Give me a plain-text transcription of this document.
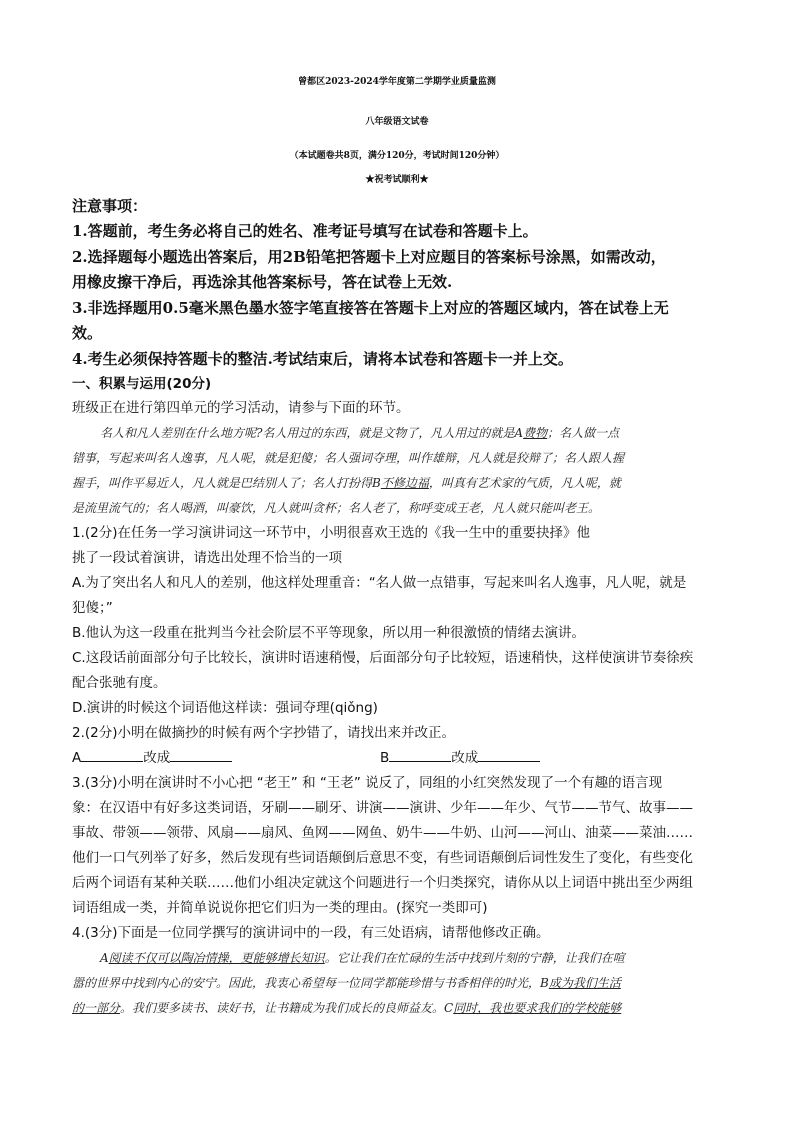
曾都区2023-2024学年度第二学期学业质量监测
八年级语文试卷
（本试题卷共8页，满分120分，考试时间120分钟）
★祝考试顺利★
注意事项：
1.答题前，考生务必将自己的姓名、准考证号填写在试卷和答题卡上。
2.选择题每小题选出答案后，用2B铅笔把答题卡上对应题目的答案标号涂黑，如需改动，
用橡皮擦干净后，再选涂其他答案标号，答在试卷上无效.
3.非选择题用0.5毫米黑色墨水签字笔直接答在答题卡上对应的答题区域内，答在试卷上无
效。
4.考生必须保持答题卡的整洁.考试结束后，请将本试卷和答题卡一并上交。
一、积累与运用(20分)
班级正在进行第四单元的学习活动，请参与下面的环节。
名人和凡人差别在什么地方呢?名人用过的东西，就是文物了，凡人用过的就是A费物；名人做一点
错事，写起来叫名人逸事，凡人呢，就是犯傻；名人强词夺理，叫作雄辩，凡人就是狡辩了；名人跟人握
握手，叫作平易近人，凡人就是巴结别人了；名人打扮得B不修边福，叫真有艺术家的气质，凡人呢，就
是流里流气的；名人喝酒，叫豪饮，凡人就叫贪杯；名人老了，称呼变成王老，凡人就只能叫老王。
1.(2分)在任务一学习演讲词这一环节中，小明很喜欢王选的《我一生中的重要抉择》他
挑了一段试着演讲，请选出处理不恰当的一项
A.为了突出名人和凡人的差别，他这样处理重音：“名人做一点错事，写起来叫名人逸事，凡人呢，就是
犯傻；”
B.他认为这一段重在批判当今社会阶层不平等现象，所以用一种很激愤的情绪去演讲。
C.这段话前面部分句子比较长，演讲时语速稍慢，后面部分句子比较短，语速稍快，这样使演讲节奏徐疾
配合张驰有度。
D.演讲的时候这个词语他这样读：强词夺理(qiǒng)
2.(2分)小明在做摘抄的时候有两个字抄错了，请找出来并改正。
A	改成	B	改成
3.(3分)小明在演讲时不小心把 “老王” 和 “王老” 说反了，同组的小红突然发现了一个有趣的语言现
象：在汉语中有好多这类词语，牙刷——刷牙、讲演——演讲、少年——年少、气节——节气、故事——
事故、带领——领带、风扇——扇风、鱼网——网鱼、奶牛——牛奶、山河——河山、油菜——菜油……
他们一口气列举了好多，然后发现有些词语颠倒后意思不变，有些词语颠倒后词性发生了变化，有些变化
后两个词语有某种关联……他们小组决定就这个问题进行一个归类探究，请你从以上词语中挑出至少两组
词语组成一类，并简单说说你把它们归为一类的理由。(探究一类即可)
4.(3分)下面是一位同学撰写的演讲词中的一段，有三处语病，请帮他修改正确。
A阅读不仅可以陶冶情操，更能够增长知识。它让我们在忙碌的生活中找到片刻的宁静，让我们在喧
嚣的世界中找到内心的安宁。因此，我衷心希望每一位同学都能珍惜与书香相伴的时光，B成为我们生活
的一部分。我们要多读书、读好书，让书籍成为我们成长的良师益友。C同时，我也要求我们的学校能够
